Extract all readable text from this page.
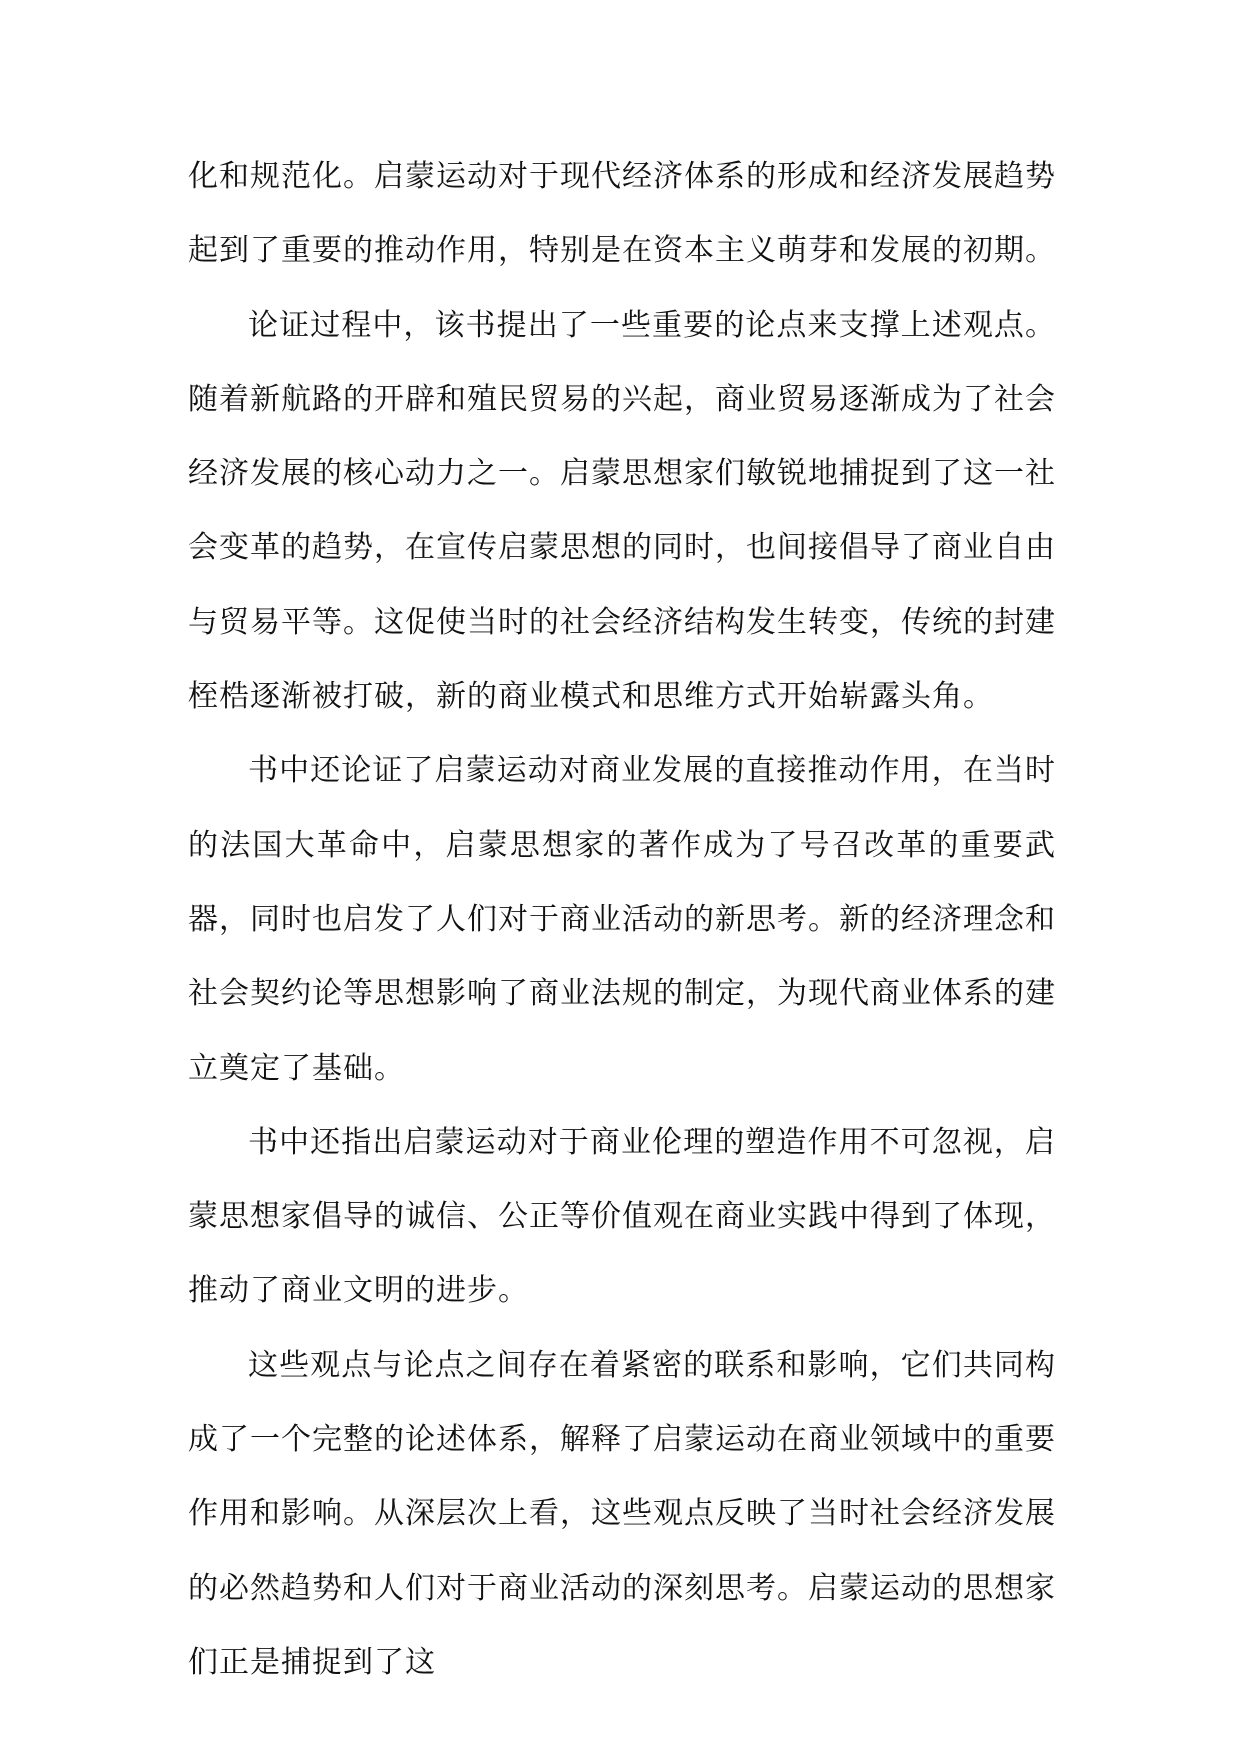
化和规范化。启蒙运动对于现代经济体系的形成和经济发展趋势起到了重要的推动作用，特别是在资本主义萌芽和发展的初期。

论证过程中，该书提出了一些重要的论点来支撑上述观点。随着新航路的开辟和殖民贸易的兴起，商业贸易逐渐成为了社会经济发展的核心动力之一。启蒙思想家们敏锐地捕捉到了这一社会变革的趋势，在宣传启蒙思想的同时，也间接倡导了商业自由与贸易平等。这促使当时的社会经济结构发生转变，传统的封建桎梏逐渐被打破，新的商业模式和思维方式开始崭露头角。

书中还论证了启蒙运动对商业发展的直接推动作用，在当时的法国大革命中，启蒙思想家的著作成为了号召改革的重要武器，同时也启发了人们对于商业活动的新思考。新的经济理念和社会契约论等思想影响了商业法规的制定，为现代商业体系的建立奠定了基础。

书中还指出启蒙运动对于商业伦理的塑造作用不可忽视，启蒙思想家倡导的诚信、公正等价值观在商业实践中得到了体现，推动了商业文明的进步。

这些观点与论点之间存在着紧密的联系和影响，它们共同构成了一个完整的论述体系，解释了启蒙运动在商业领域中的重要作用和影响。从深层次上看，这些观点反映了当时社会经济发展的必然趋势和人们对于商业活动的深刻思考。启蒙运动的思想家们正是捕捉到了这
